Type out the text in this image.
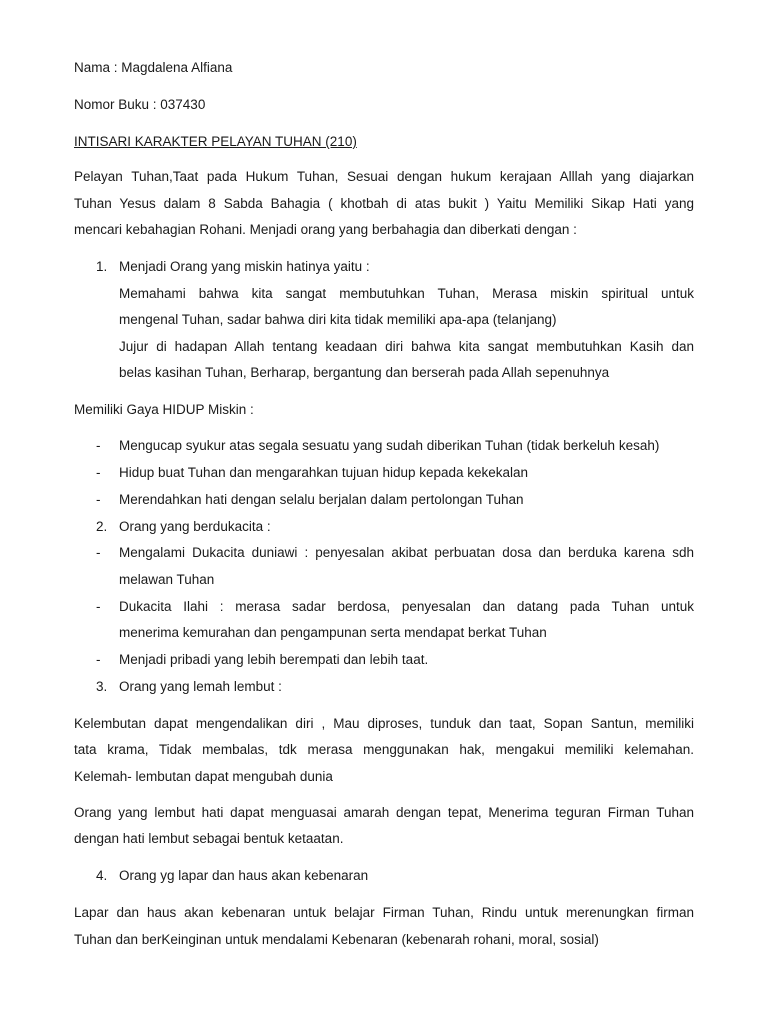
Nama : Magdalena Alfiana
Nomor Buku : 037430
INTISARI KARAKTER PELAYAN TUHAN (210)
Pelayan Tuhan,Taat pada Hukum Tuhan, Sesuai dengan hukum kerajaan Alllah yang diajarkan
Tuhan Yesus dalam 8 Sabda Bahagia ( khotbah di atas bukit ) Yaitu Memiliki Sikap Hati yang
mencari kebahagian Rohani. Menjadi orang yang berbahagia dan diberkati dengan :
1. Menjadi Orang yang miskin hatinya yaitu :
Memahami bahwa kita sangat membutuhkan Tuhan, Merasa miskin spiritual untuk
mengenal Tuhan, sadar bahwa diri kita tidak memiliki apa-apa (telanjang)
Jujur di hadapan Allah tentang keadaan diri bahwa kita sangat membutuhkan Kasih dan
belas kasihan Tuhan, Berharap, bergantung dan berserah pada Allah sepenuhnya
Memiliki Gaya HIDUP Miskin :
- Mengucap syukur atas segala sesuatu yang sudah diberikan Tuhan (tidak berkeluh kesah)
- Hidup buat Tuhan dan mengarahkan tujuan hidup kepada kekekalan
- Merendahkan hati dengan selalu berjalan dalam pertolongan Tuhan
2. Orang yang berdukacita :
- Mengalami Dukacita duniawi : penyesalan akibat perbuatan dosa dan berduka karena sdh
melawan Tuhan
- Dukacita Ilahi : merasa sadar berdosa, penyesalan dan datang pada Tuhan untuk
menerima kemurahan dan pengampunan serta mendapat berkat Tuhan
- Menjadi pribadi yang lebih berempati dan lebih taat.
3. Orang yang lemah lembut :
Kelembutan dapat mengendalikan diri , Mau diproses, tunduk dan taat, Sopan Santun, memiliki
tata krama, Tidak membalas, tdk merasa menggunakan hak, mengakui memiliki kelemahan.
Kelemah- lembutan dapat mengubah dunia
Orang yang lembut hati dapat menguasai amarah dengan tepat, Menerima teguran Firman Tuhan
dengan hati lembut sebagai bentuk ketaatan.
4. Orang yg lapar dan haus akan kebenaran
Lapar dan haus akan kebenaran untuk belajar Firman Tuhan, Rindu untuk merenungkan firman
Tuhan dan berKeinginan untuk mendalami Kebenaran (kebenarah rohani, moral, sosial)
